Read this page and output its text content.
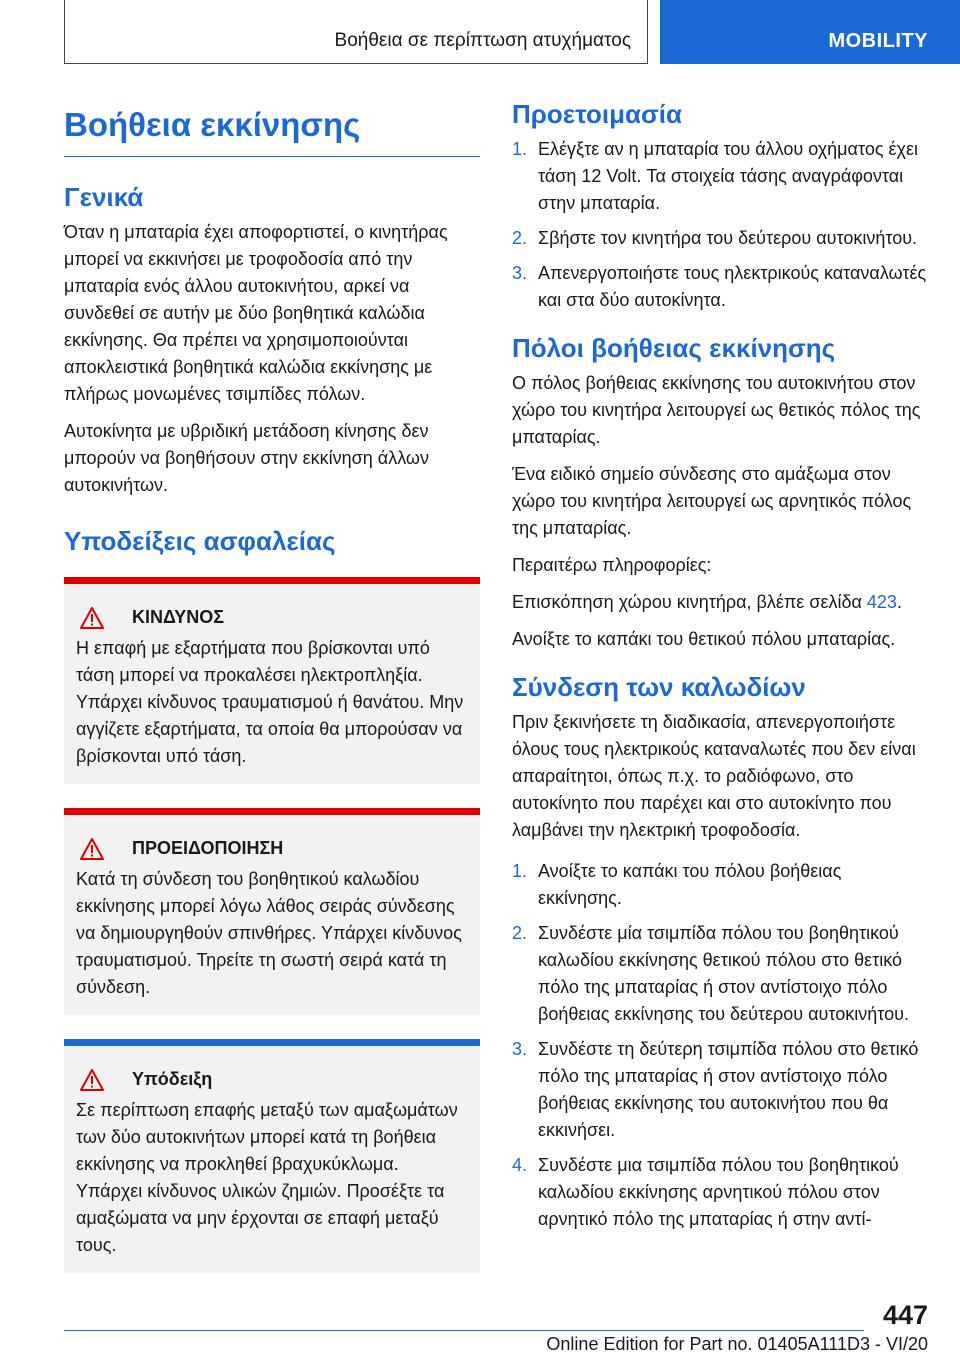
Βοήθεια σε περίπτωση ατυχήματος	MOBILITY
Βοήθεια εκκίνησης
Γενικά

Όταν η μπαταρία έχει αποφορτιστεί, ο κινητήρας μπορεί να εκκινήσει με τροφοδοσία από την μπαταρία ενός άλλου αυτοκινήτου, αρκεί να συνδεθεί σε αυτήν με δύο βοηθητικά καλώδια εκκίνησης. Θα πρέπει να χρησιμοποιούνται αποκλειστικά βοηθητικά καλώδια εκκίνησης με πλήρως μονωμένες τσιμπίδες πόλων.

Αυτοκίνητα με υβριδική μετάδοση κίνησης δεν μπορούν να βοηθήσουν στην εκκίνηση άλλων αυτοκινήτων.

Υποδείξεις ασφαλείας
ΚΙΝΔΥΝΟΣ

Η επαφή με εξαρτήματα που βρίσκονται υπό τάση μπορεί να προκαλέσει ηλεκτροπληξία. Υπάρχει κίνδυνος τραυματισμού ή θανάτου. Μην αγγίζετε εξαρτήματα, τα οποία θα μπορούσαν να βρίσκονται υπό τάση.

ΠΡΟΕΙΔΟΠΟΙΗΣΗ

Κατά τη σύνδεση του βοηθητικού καλωδίου εκκίνησης μπορεί λόγω λάθος σειράς σύνδεσης να δημιουργηθούν σπινθήρες. Υπάρχει κίνδυνος τραυματισμού. Τηρείτε τη σωστή σειρά κατά τη σύνδεση.

Υπόδειξη

Σε περίπτωση επαφής μεταξύ των αμαξωμάτων των δύο αυτοκινήτων μπορεί κατά τη βοήθεια εκκίνησης να προκληθεί βραχυκύκλωμα. Υπάρχει κίνδυνος υλικών ζημιών. Προσέξτε τα αμαξώματα να μην έρχονται σε επαφή μεταξύ τους.

Προετοιμασία
1. Ελέγξτε αν η μπαταρία του άλλου οχήματος έχει τάση 12 Volt. Τα στοιχεία τάσης αναγράφονται στην μπαταρία.
2. Σβήστε τον κινητήρα του δεύτερου αυτοκινήτου.
3. Απενεργοποιήστε τους ηλεκτρικούς καταναλωτές και στα δύο αυτοκίνητα.
Πόλοι βοήθειας εκκίνησης

Ο πόλος βοήθειας εκκίνησης του αυτοκινήτου στον χώρο του κινητήρα λειτουργεί ως θετικός πόλος της μπαταρίας.

Ένα ειδικό σημείο σύνδεσης στο αμάξωμα στον χώρο του κινητήρα λειτουργεί ως αρνητικός πόλος της μπαταρίας.

Περαιτέρω πληροφορίες:

Επισκόπηση χώρου κινητήρα, βλέπε σελίδα 423.

Ανοίξτε το καπάκι του θετικού πόλου μπαταρίας.

Σύνδεση των καλωδίων

Πριν ξεκινήσετε τη διαδικασία, απενεργοποιήστε όλους τους ηλεκτρικούς καταναλωτές που δεν είναι απαραίτητοι, όπως π.χ. το ραδιόφωνο, στο αυτοκίνητο που παρέχει και στο αυτοκίνητο που λαμβάνει την ηλεκτρική τροφοδοσία.

1. Ανοίξτε το καπάκι του πόλου βοήθειας εκκίνησης.
2. Συνδέστε μία τσιμπίδα πόλου του βοηθητικού καλωδίου εκκίνησης θετικού πόλου στο θετικό πόλο της μπαταρίας ή στον αντίστοιχο πόλο βοήθειας εκκίνησης του δεύτερου αυτοκινήτου.
3. Συνδέστε τη δεύτερη τσιμπίδα πόλου στο θετικό πόλο της μπαταρίας ή στον αντίστοιχο πόλο βοήθειας εκκίνησης του αυτοκινήτου που θα εκκινήσει.
4. Συνδέστε μια τσιμπίδα πόλου του βοηθητικού καλωδίου εκκίνησης αρνητικού πόλου στον αρνητικό πόλο της μπαταρίας ή στην αντί-
447
Online Edition for Part no. 01405A111D3 - VI/20
